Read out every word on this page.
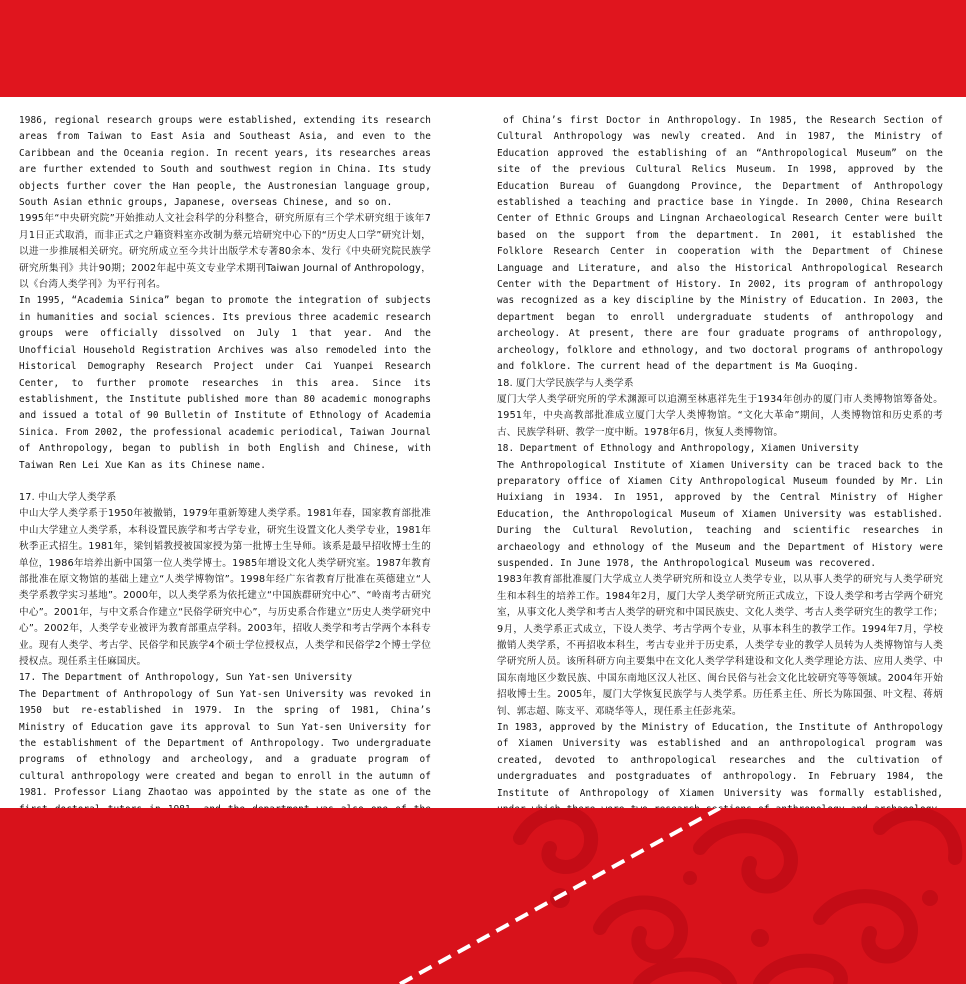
1986, regional research groups were established, extending its research areas from Taiwan to East Asia and Southeast Asia, and even to the Caribbean and the Oceania region. In recent years, its researches areas are further extended to South and southwest region in China. Its study objects further cover the Han people, the Austronesian language group, South Asian ethnic groups, Japanese, overseas Chinese, and so on.

1995年“中央研究院”开始推动人文社会科学的分科整合，研究所原有三个学术研究组于该年7月1日正式取消，而非正式之户籍资料室亦改制为蔡元培研究中心下的“历史人口学”研究计划，以进一步推展相关研究。研究所成立至今共计出版学术专著80余本、发行《中央研究院民族学研究所集刊》共计90期；2002年起中英文专业学术期刊Taiwan Journal of Anthropology，以《台湾人类学刊》为平行刊名。

In 1995, “Academia Sinica” began to promote the integration of subjects in humanities and social sciences. Its previous three academic research groups were officially dissolved on July 1 that year. And the Unofficial Household Registration Archives was also remodeled into the Historical Demography Research Project under Cai Yuanpei Research Center, to further promote researches in this area. Since its establishment, the Institute published more than 80 academic monographs and issued a total of 90 Bulletin of Institute of Ethnology of Academia Sinica. From 2002, the professional academic periodical, Taiwan Journal of Anthropology, began to publish in both English and Chinese, with Taiwan Ren Lei Xue Kan as its Chinese name.

17. 中山大学人类学系

中山大学人类学系于1950年被撤销，1979年重新筹建人类学系。1981年春，国家教育部批准中山大学建立人类学系，本科设置民族学和考古学专业，研究生设置文化人类学专业，1981年秋季正式招生。1981年，梁钊韬教授被国家授为第一批博士生导师。该系是最早招收博士生的单位，1986年培养出新中国第一位人类学博士。1985年增设文化人类学研究室。1987年教育部批准在原文物馆的基础上建立“人类学博物馆”。1998年经广东省教育厅批准在英德建立“人类学系教学实习基地”。2000年，以人类学系为依托建立“中国族群研究中心”、“岭南考古研究中心”。2001年，与中文系合作建立“民俗学研究中心”，与历史系合作建立“历史人类学研究中心”。2002年，人类学专业被评为教育部重点学科。2003年，招收人类学和考古学两个本科专业。现有人类学、考古学、民俗学和民族学4个硕士学位授权点，人类学和民俗学2个博士学位授权点。现任系主任麻国庆。

17. The Department of Anthropology, Sun Yat-sen University

The Department of Anthropology of Sun Yat-sen University was revoked in 1950 but re-established in 1979. In the spring of 1981, China’s Ministry of Education gave its approval to Sun Yat-sen University for the establishment of the Department of Anthropology. Two undergraduate programs of ethnology and archeology, and a graduate program of cultural anthropology were created and began to enroll in the autumn of 1981. Professor Liang Zhaotao was appointed by the state as one of the

of China’s first Doctor in Anthropology. In 1985, the Research Section of Cultural Anthropology was newly created. And in 1987, the Ministry of Education approved the establishing of an “Anthropological Museum” on the site of the previous Cultural Relics Museum. In 1998, approved by the Education Bureau of Guangdong Province, the Department of Anthropology established a teaching and practice base in Yingde. In 2000, China Research Center of Ethnic Groups and Lingnan Archaeological Research Center were built based on the support from the department. In 2001, it established the Folklore Research Center in cooperation with the Department of Chinese Language and Literature, and also the Historical Anthropological Research Center with the Department of History. In 2002, its program of anthropology was recognized as a key discipline by the Ministry of Education. In 2003, the department began to enroll undergraduate students of anthropology and archeology. At present, there are four graduate programs of anthropology, archeology, folklore and ethnology, and two doctoral programs of anthropology and folklore. The current head of the department is Ma Guoqing.

18. 厦门大学民族学与人类学系

厦门大学人类学研究所的学术渊源可以追溯至林惠祥先生于1934年创办的厦门市人类博物馆筹备处。1951年，中央高教部批准成立厦门大学人类博物馆。“文化大革命”期间，人类博物馆和历史系的考古、民族学科研、教学一度中断。1978年6月，恢复人类博物馆。

18. Department of Ethnology and Anthropology, Xiamen University

The Anthropological Institute of Xiamen University can be traced back to the preparatory office of Xiamen City Anthropological Museum founded by Mr. Lin Huixiang in 1934. In 1951, approved by the Central Ministry of Higher Education, the Anthropological Museum of Xiamen University was established. During the Cultural Revolution, teaching and scientific researches in archaeology and ethnology of the Museum and the Department of History were suspended. In June 1978, the Anthropological Museum was recovered.

1983年教育部批准厦门大学成立人类学研究所和设立人类学专业，以从事人类学的研究与人类学研究生和本科生的培养工作。1984年2月，厦门大学人类学研究所正式成立，下设人类学和考古学两个研究室，从事文化人类学和考古人类学的研究和中国民族史、文化人类学、考古人类学研究生的教学工作；9月，人类学系正式成立，下设人类学、考古学两个专业，从事本科生的教学工作。1994年7月，学校撤销人类学系，不再招收本科生，考古专业并于历史系，人类学专业的教学人员转为人类博物馆与人类学研究所人员。该所科研方向主要集中在文化人类学学科建设和文化人类学理论方法、应用人类学、中国东南地区少数民族、中国东南地区汉人社区、闽台民俗与社会文化比较研究等等领域。2004年开始招收博士生。2005年，厦门大学恢复民族学与人类学系。历任系主任、所长为陈国强、叶文程、蒋炳钊、郭志超、陈支平、邓晓华等人，现任系主任彭兆荣。

In 1983, approved by the Ministry of Education, the Institute of Anthropology of Xiamen University was established and an anthropological program was created, devoted to anthropological researches and the cultivation of undergraduates and postgraduates of anthropology. In February 1984, the Institute of Anthropology of Xiamen University was formally established,
